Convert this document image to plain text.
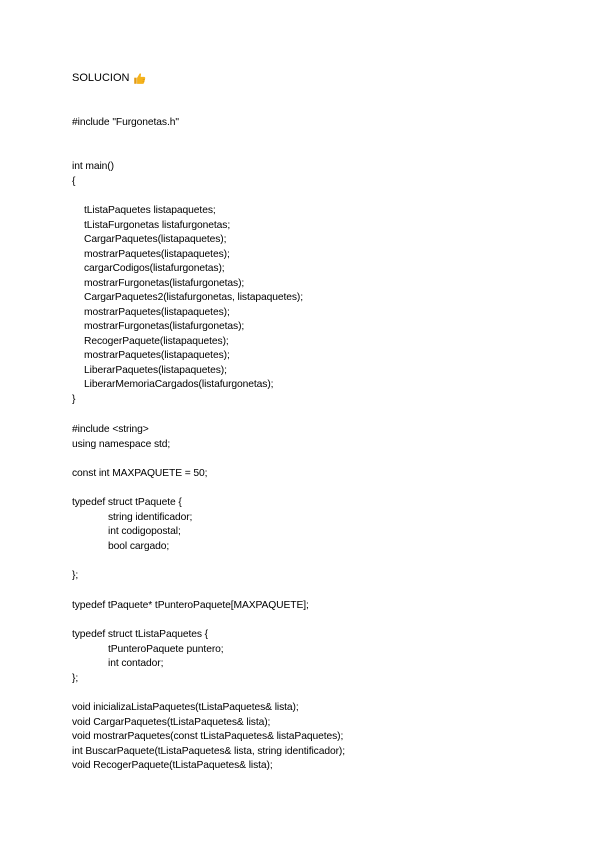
SOLUCION
#include "Furgonetas.h"
int main()
{
tListaPaquetes listapaquetes;
tListaFurgonetas listafurgonetas;
CargarPaquetes(listapaquetes);
mostrarPaquetes(listapaquetes);
cargarCodigos(listafurgonetas);
mostrarFurgonetas(listafurgonetas);
CargarPaquetes2(listafurgonetas, listapaquetes);
mostrarPaquetes(listapaquetes);
mostrarFurgonetas(listafurgonetas);
RecogerPaquete(listapaquetes);
mostrarPaquetes(listapaquetes);
LiberarPaquetes(listapaquetes);
LiberarMemoriaCargados(listafurgonetas);
}
#include <string>
using namespace std;
const int MAXPAQUETE = 50;
typedef struct tPaquete {
string identificador;
int codigopostal;
bool cargado;
};
typedef tPaquete* tPunteroPaquete[MAXPAQUETE];
typedef struct tListaPaquetes {
tPunteroPaquete puntero;
int contador;
};
void inicializaListaPaquetes(tListaPaquetes& lista);
void CargarPaquetes(tListaPaquetes& lista);
void mostrarPaquetes(const tListaPaquetes& listaPaquetes);
int BuscarPaquete(tListaPaquetes& lista, string identificador);
void RecogerPaquete(tListaPaquetes& lista);
